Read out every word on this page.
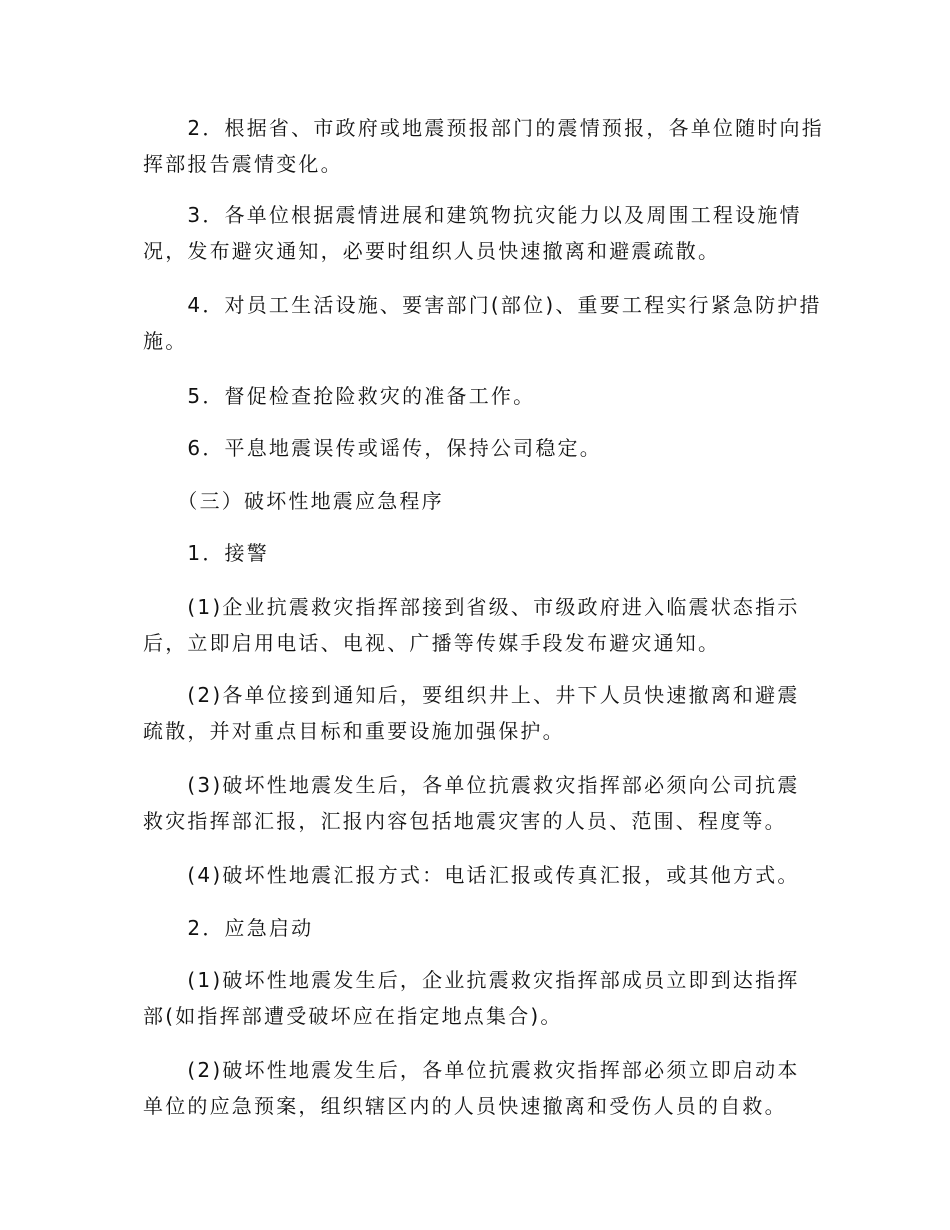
　　2．根据省、市政府或地震预报部门的震情预报，各单位随时向指
挥部报告震情变化。

　　3．各单位根据震情进展和建筑物抗灾能力以及周围工程设施情
况，发布避灾通知，必要时组织人员快速撤离和避震疏散。

　　4．对员工生活设施、要害部门(部位)、重要工程实行紧急防护措
施。

　　5．督促检查抢险救灾的准备工作。

　　6．平息地震误传或谣传，保持公司稳定。

　　（三）破坏性地震应急程序

　　1．接警

　　(1)企业抗震救灾指挥部接到省级、市级政府进入临震状态指示
后，立即启用电话、电视、广播等传媒手段发布避灾通知。

　　(2)各单位接到通知后，要组织井上、井下人员快速撤离和避震
疏散，并对重点目标和重要设施加强保护。

　　(3)破坏性地震发生后，各单位抗震救灾指挥部必须向公司抗震
救灾指挥部汇报，汇报内容包括地震灾害的人员、范围、程度等。

　　(4)破坏性地震汇报方式：电话汇报或传真汇报，或其他方式。

　　2．应急启动

　　(1)破坏性地震发生后，企业抗震救灾指挥部成员立即到达指挥
部(如指挥部遭受破坏应在指定地点集合)。

　　(2)破坏性地震发生后，各单位抗震救灾指挥部必须立即启动本
单位的应急预案，组织辖区内的人员快速撤离和受伤人员的自救。
